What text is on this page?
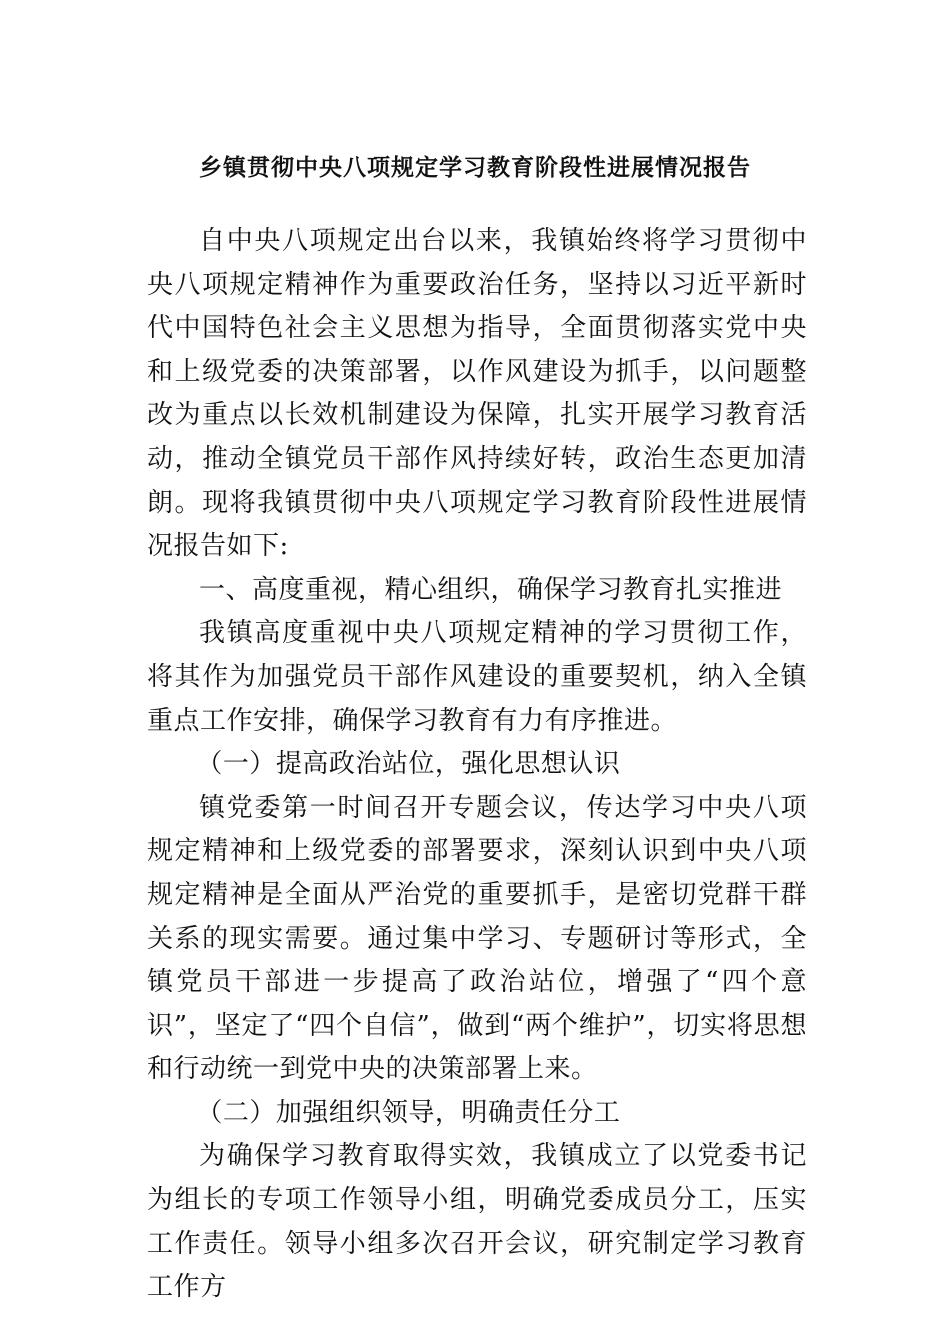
乡镇贯彻中央八项规定学习教育阶段性进展情况报告

自中央八项规定出台以来，我镇始终将学习贯彻中央八项规定精神作为重要政治任务，坚持以习近平新时代中国特色社会主义思想为指导，全面贯彻落实党中央和上级党委的决策部署，以作风建设为抓手，以问题整改为重点以长效机制建设为保障，扎实开展学习教育活动，推动全镇党员干部作风持续好转，政治生态更加清朗。现将我镇贯彻中央八项规定学习教育阶段性进展情况报告如下:

一、高度重视，精心组织，确保学习教育扎实推进

我镇高度重视中央八项规定精神的学习贯彻工作，将其作为加强党员干部作风建设的重要契机，纳入全镇重点工作安排，确保学习教育有力有序推进。

（一）提高政治站位，强化思想认识

镇党委第一时间召开专题会议，传达学习中央八项规定精神和上级党委的部署要求，深刻认识到中央八项规定精神是全面从严治党的重要抓手，是密切党群干群关系的现实需要。通过集中学习、专题研讨等形式，全镇党员干部进一步提高了政治站位，增强了“四个意识”，坚定了“四个自信”，做到“两个维护”，切实将思想和行动统一到党中央的决策部署上来。

（二）加强组织领导，明确责任分工

为确保学习教育取得实效，我镇成立了以党委书记为组长的专项工作领导小组，明确党委成员分工，压实工作责任。领导小组多次召开会议，研究制定学习教育工作方
